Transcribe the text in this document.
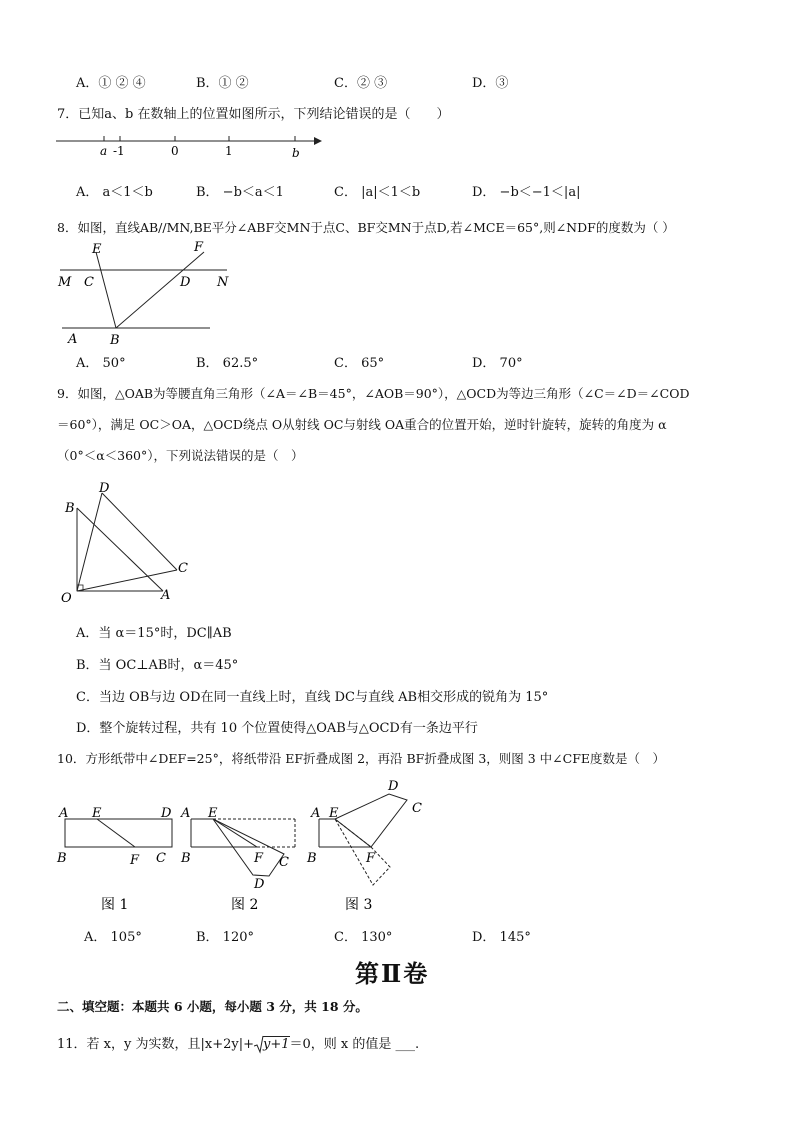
A．① ② ④	B．① ②	C．② ③	D．③
7．已知a、b 在数轴上的位置如图所示，下列结论错误的是（　　）
a -1	0	1	b
A． a＜1＜b	B． −b＜a＜1	C． |a|＜1＜b	D． −b＜−1＜|a|
8．如图，直线AB//MN,BE平分∠ABF交MN于点C、BF交MN于点D,若∠MCE＝65°,则∠NDF的度数为（ ）
E	F
M C	D N
A	B
A． 50°	B． 62.5°	C． 65°	D． 70°
9．如图，△OAB为等腰直角三角形（∠A＝∠B＝45°，∠AOB＝90°），△OCD为等边三角形（∠C＝∠D＝∠COD
＝60°），满足 OC＞OA，△OCD绕点 O从射线 OC与射线 OA重合的位置开始，逆时针旋转，旋转的角度为 α
（0°＜α＜360°），下列说法错误的是（　）
D
B
C
O	A
A．当 α＝15°时，DC∥AB
B．当 OC⊥AB时，α＝45°
C．当边 OB与边 OD在同一直线上时，直线 DC与直线 AB相交形成的锐角为 15°
D．整个旋转过程，共有 10 个位置使得△OAB与△OCD有一条边平行
10．方形纸带中∠DEF=25°，将纸带沿 EF折叠成图 2，再沿 BF折叠成图 3，则图 3 中∠CFE度数是（　）
A E	D
B	F C
图 1
A E
B	F C
D
图 2
D
C
A E
B	F
图 3
A． 105°	B． 120°	C． 130°	D． 145°
第Ⅱ卷
二、填空题：本题共 6 小题，每小题 3 分，共 18 分。
11．若 x，y 为实数，且|x+2y|+ y+1＝0，则 x 的值是 ___.
